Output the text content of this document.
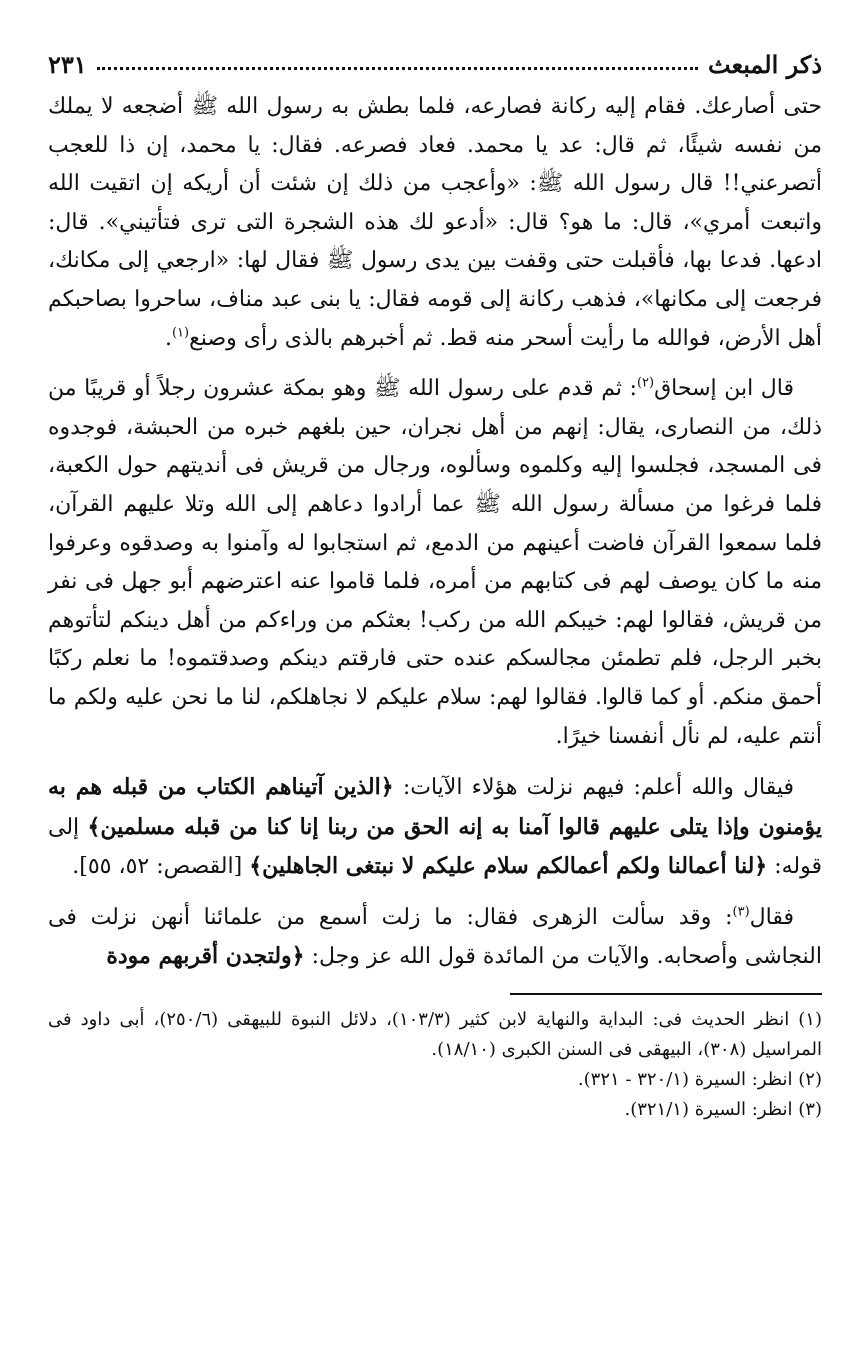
ذكر المبعث
٢٣١

حتى أصارعك. فقام إليه ركانة فصارعه، فلما بطش به رسول الله ﷺ أضجعه لا يملك من نفسه شيئًا، ثم قال: عد يا محمد. فعاد فصرعه. فقال: يا محمد، إن ذا للعجب أتصرعني!! قال رسول الله ﷺ: «وأعجب من ذلك إن شئت أن أريكه إن اتقيت الله واتبعت أمري»، قال: ما هو؟ قال: «أدعو لك هذه الشجرة التى ترى فتأتيني». قال: ادعها. فدعا بها، فأقبلت حتى وقفت بين يدى رسول ﷺ فقال لها: «ارجعي إلى مكانك، فرجعت إلى مكانها»، فذهب ركانة إلى قومه فقال: يا بنى عبد مناف، ساحروا بصاحبكم أهل الأرض، فوالله ما رأيت أسحر منه قط. ثم أخبرهم بالذى رأى وصنع$^{(١)}$.

قال ابن إسحاق$^{(٢)}$: ثم قدم على رسول الله ﷺ وهو بمكة عشرون رجلاً أو قريبًا من ذلك، من النصارى، يقال: إنهم من أهل نجران، حين بلغهم خبره من الحبشة، فوجدوه فى المسجد، فجلسوا إليه وكلموه وسألوه، ورجال من قريش فى أنديتهم حول الكعبة، فلما فرغوا من مسألة رسول الله ﷺ عما أرادوا دعاهم إلى الله وتلا عليهم القرآن، فلما سمعوا القرآن فاضت أعينهم من الدمع، ثم استجابوا له وآمنوا به وصدقوه وعرفوا منه ما كان يوصف لهم فى كتابهم من أمره، فلما قاموا عنه اعترضهم أبو جهل فى نفر من قريش، فقالوا لهم: خيبكم الله من ركب! بعثكم من وراءكم من أهل دينكم لتأتوهم بخبر الرجل، فلم تطمئن مجالسكم عنده حتى فارقتم دينكم وصدقتموه! ما نعلم ركبًا أحمق منكم. أو كما قالوا. فقالوا لهم: سلام عليكم لا نجاهلكم، لنا ما نحن عليه ولكم ما أنتم عليه، لم نأل أنفسنا خيرًا.

فيقال والله أعلم: فيهم نزلت هؤلاء الآيات: ﴿الذين آتيناهم الكتاب من قبله هم به يؤمنون وإذا يتلى عليهم قالوا آمنا به إنه الحق من ربنا إنا كنا من قبله مسلمين﴾ إلى قوله: ﴿لنا أعمالنا ولكم أعمالكم سلام عليكم لا نبتغى الجاهلين﴾ [القصص: ٥٢، ٥٥].

فقال$^{(٣)}$: وقد سألت الزهرى فقال: ما زلت أسمع من علمائنا أنهن نزلت فى النجاشى وأصحابه. والآيات من المائدة قول الله عز وجل: ﴿ولتجدن أقربهم مودة

(١) انظر الحديث فى: البداية والنهاية لابن كثير (١٠٣/٣)، دلائل النبوة للبيهقى (٢٥٠/٦)، أبى داود فى المراسيل (٣٠٨)، البيهقى فى السنن الكبرى (١٨/١٠).

(٢) انظر: السيرة (٣٢٠/١ - ٣٢١).

(٣) انظر: السيرة (٣٢١/١).
